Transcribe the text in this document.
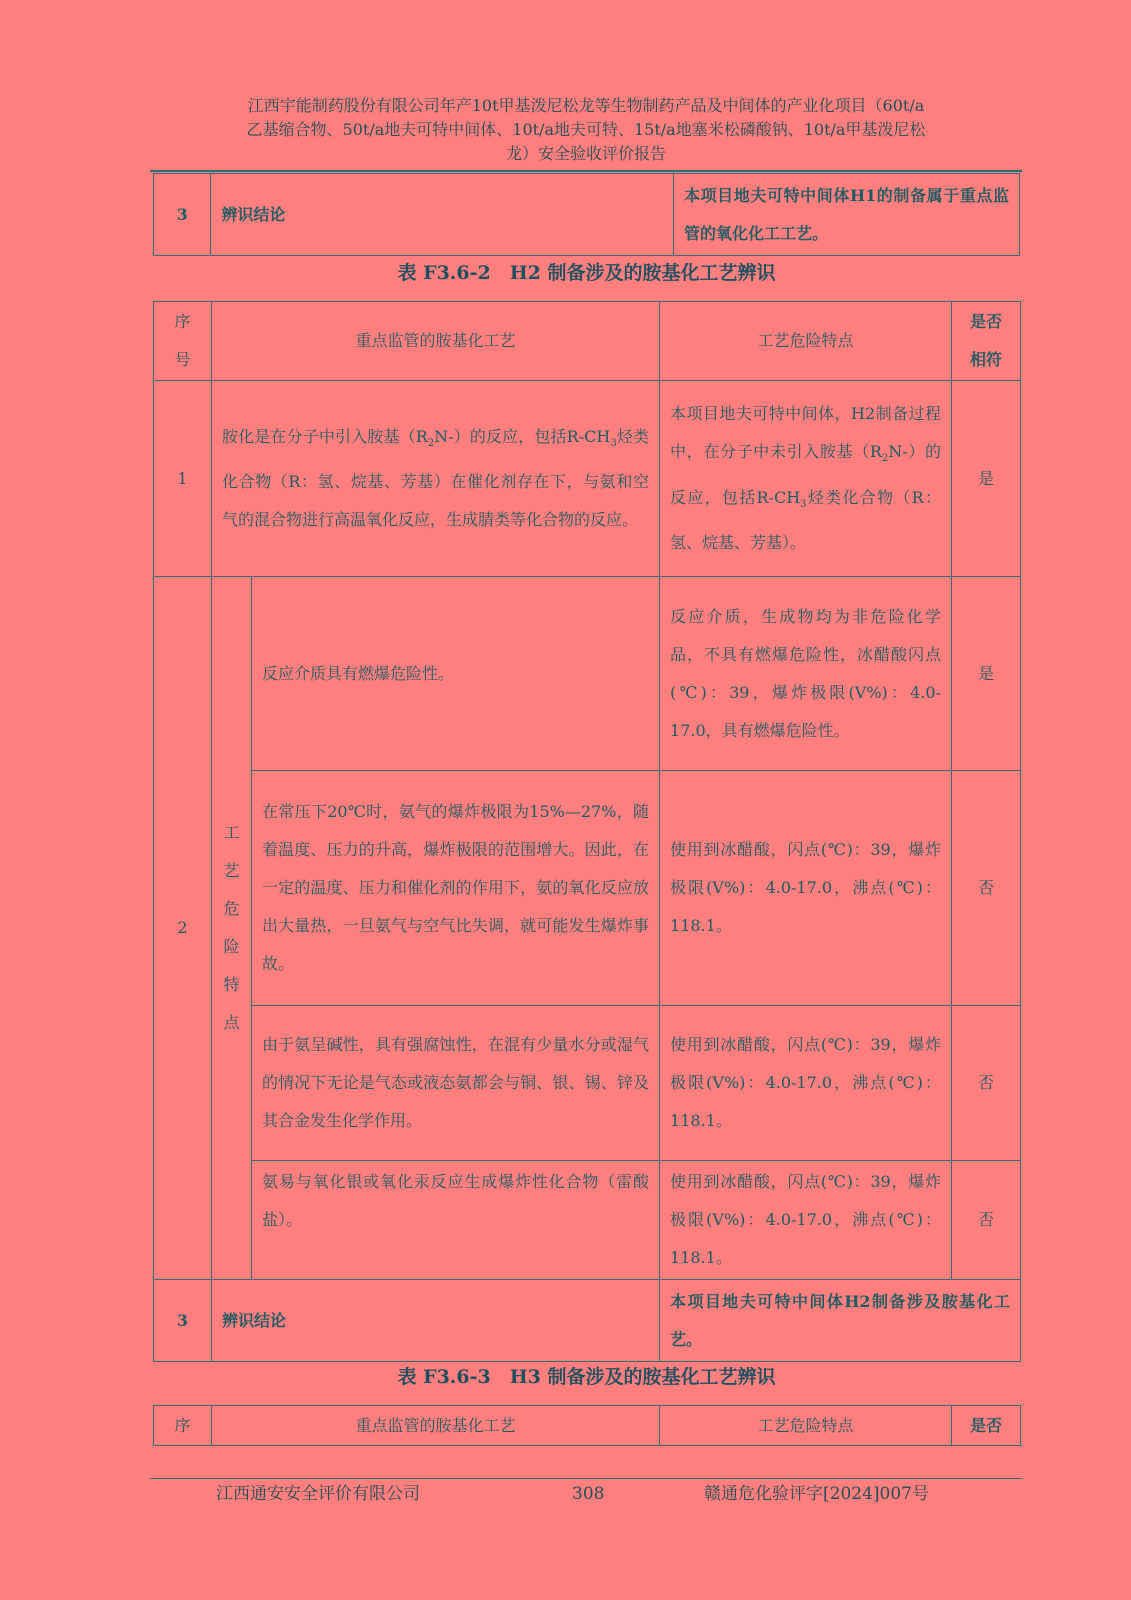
江西宇能制药股份有限公司年产10t甲基泼尼松龙等生物制药产品及中间体的产业化项目（60t/a
乙基缩合物、50t/a地夫可特中间体、10t/a地夫可特、15t/a地塞米松磷酸钠、10t/a甲基泼尼松
龙）安全验收评价报告
3	辨识结论	本项目地夫可特中间体H1的制备属于重点监管的氧化化工工艺。
表 F3.6-2　H2 制备涉及的胺基化工艺辨识
序号	重点监管的胺基化工艺		工艺危险特点	是否相符

1	胺化是在分子中引入胺基$(R_2N-)$的反应，包括$R-CH_3$烃类化合物（R：氢、烷基、芳基）在催化剂存在下，与氨和空气的混合物进行高温氧化反应，生成腈类等化合物的反应。		本项目地夫可特中间体，H2制备过程中，在分子中未引入胺基$(R_2N-)$的反应，包括$R-CH_3$烃类化合物（R：氢、烷基、芳基）。	是
2	工艺危险特点	反应介质具有燃爆危险性。	反应介质，生成物均为非危险化学品，不具有燃爆危险性，冰醋酸闪点(℃)：39，爆炸极限(V%)：4.0-17.0，具有燃爆危险性。	是
		在常压下20℃时，氨气的爆炸极限为15%—27%，随着温度、压力的升高，爆炸极限的范围增大。因此，在一定的温度、压力和催化剂的作用下，氨的氧化反应放出大量热，一旦氨气与空气比失调，就可能发生爆炸事故。	使用到冰醋酸，闪点(℃)：39，爆炸极限(V%)：4.0-17.0，沸点(℃)：118.1。	否
		由于氨呈碱性，具有强腐蚀性，在混有少量水分或湿气的情况下无论是气态或液态氨都会与铜、银、锡、锌及其合金发生化学作用。	使用到冰醋酸，闪点(℃)：39，爆炸极限(V%)：4.0-17.0，沸点(℃)：118.1。	否
		氨易与氧化银或氧化汞反应生成爆炸性化合物（雷酸盐）。	使用到冰醋酸，闪点(℃)：39，爆炸极限(V%)：4.0-17.0，沸点(℃)：118.1。	否
3	辨识结论		本项目地夫可特中间体H2制备涉及胺基化工艺。	
表 F3.6-3　H3 制备涉及的胺基化工艺辨识
序	重点监管的胺基化工艺	工艺危险特点	是否
江西通安安全评价有限公司	308	赣通危化验评字[2024]007号
